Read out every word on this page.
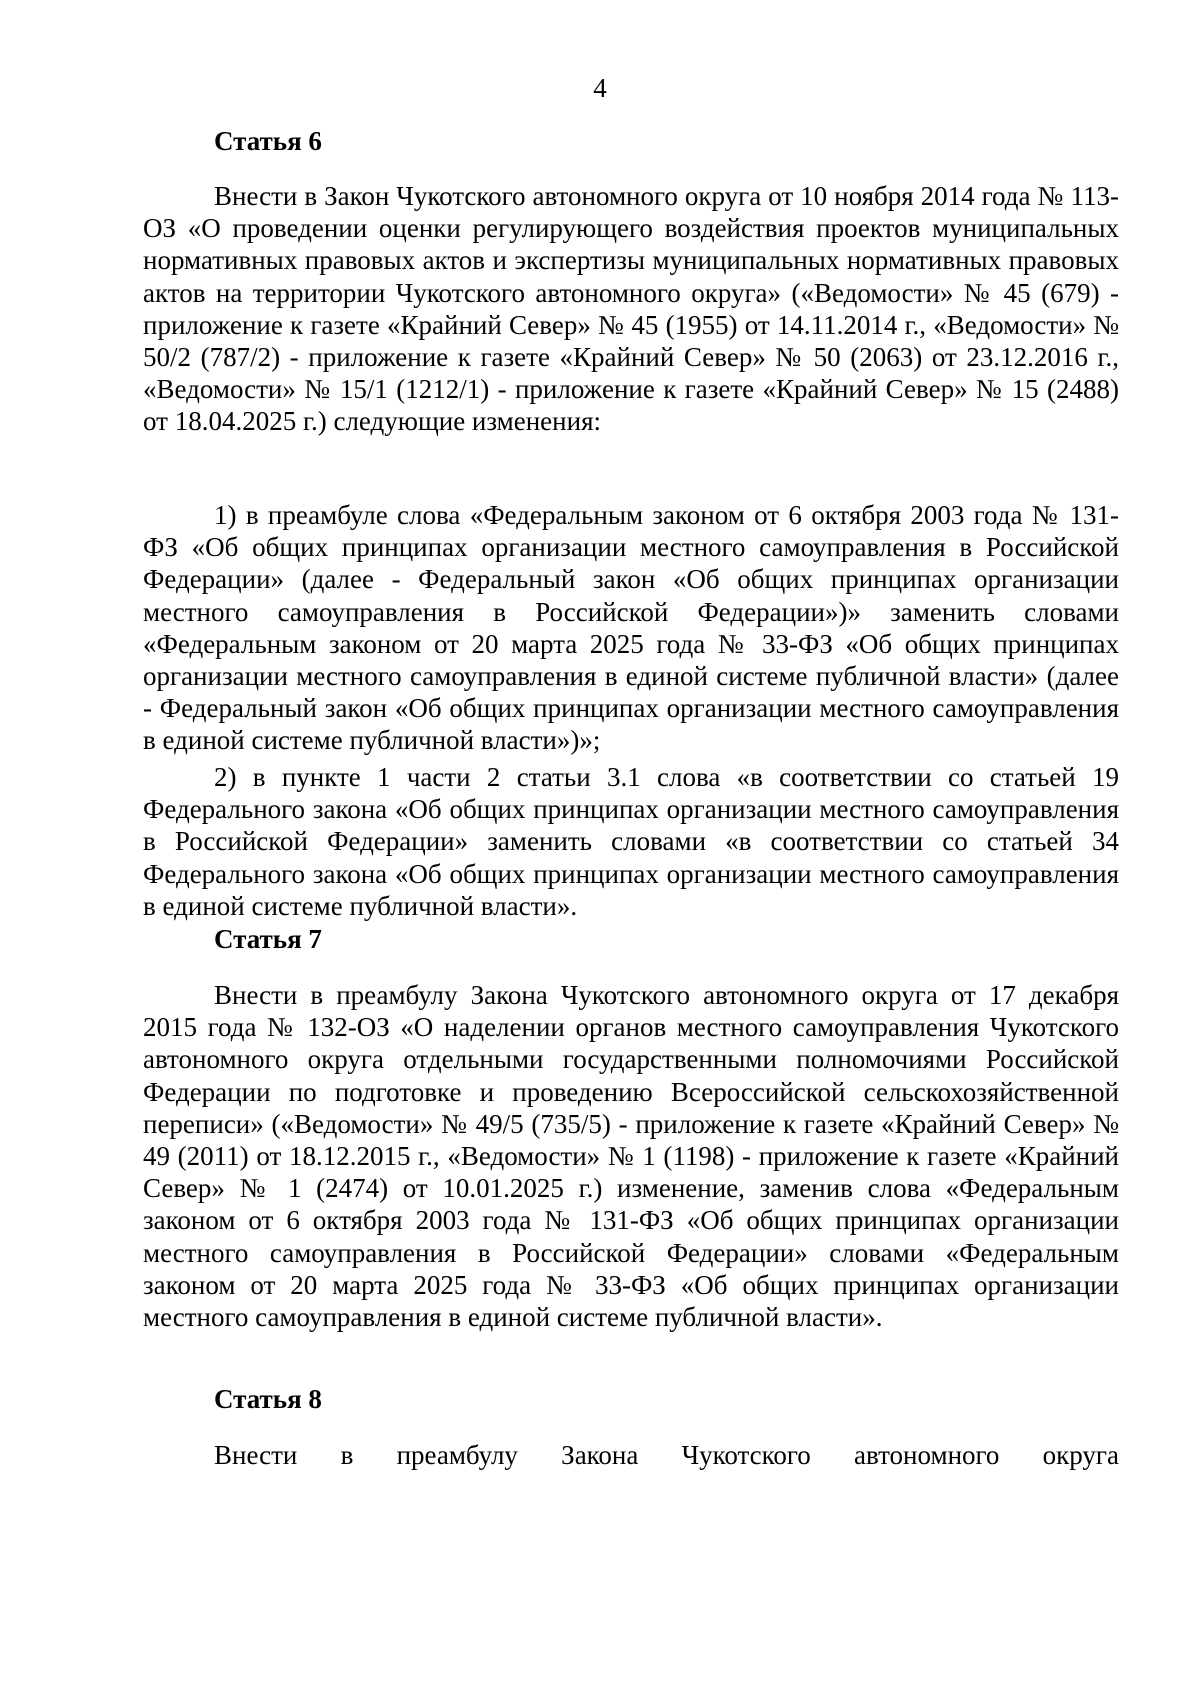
4
Статья 6

Внести в Закон Чукотского автономного округа от 10 ноября 2014 года № 113-ОЗ «О проведении оценки регулирующего воздействия проектов муниципальных нормативных правовых актов и экспертизы муниципальных нормативных правовых актов на территории Чукотского автономного округа» («Ведомости» № 45 (679) - приложение к газете «Крайний Север» № 45 (1955) от 14.11.2014 г., «Ведомости» № 50/2 (787/2) - приложение к газете «Крайний Север» № 50 (2063) от 23.12.2016 г., «Ведомости» № 15/1 (1212/1) - приложение к газете «Крайний Север» № 15 (2488) от 18.04.2025 г.) следующие изменения:

1) в преамбуле слова «Федеральным законом от 6 октября 2003 года № 131-ФЗ «Об общих принципах организации местного самоуправления в Российской Федерации» (далее - Федеральный закон «Об общих принципах организации местного самоуправления в Российской Федерации»)» заменить словами «Федеральным законом от 20 марта 2025 года № 33-ФЗ «Об общих принципах организации местного самоуправления в единой системе публичной власти» (далее - Федеральный закон «Об общих принципах организации местного самоуправления в единой системе публичной власти»)»;

2) в пункте 1 части 2 статьи 3.1 слова «в соответствии со статьей 19 Федерального закона «Об общих принципах организации местного самоуправления в Российской Федерации» заменить словами «в соответствии со статьей 34 Федерального закона «Об общих принципах организации местного самоуправления в единой системе публичной власти».

Статья 7

Внести в преамбулу Закона Чукотского автономного округа от 17 декабря 2015 года № 132-ОЗ «О наделении органов местного самоуправления Чукотского автономного округа отдельными государственными полномочиями Российской Федерации по подготовке и проведению Всероссийской сельскохозяйственной переписи» («Ведомости» № 49/5 (735/5) - приложение к газете «Крайний Север» № 49 (2011) от 18.12.2015 г., «Ведомости» № 1 (1198) - приложение к газете «Крайний Север» № 1 (2474) от 10.01.2025 г.) изменение, заменив слова «Федеральным законом от 6 октября 2003 года № 131-ФЗ «Об общих принципах организации местного самоуправления в Российской Федерации» словами «Федеральным законом от 20 марта 2025 года № 33-ФЗ «Об общих принципах организации местного самоуправления в единой системе публичной власти».

Статья 8

Внести в преамбулу Закона Чукотского автономного округа
